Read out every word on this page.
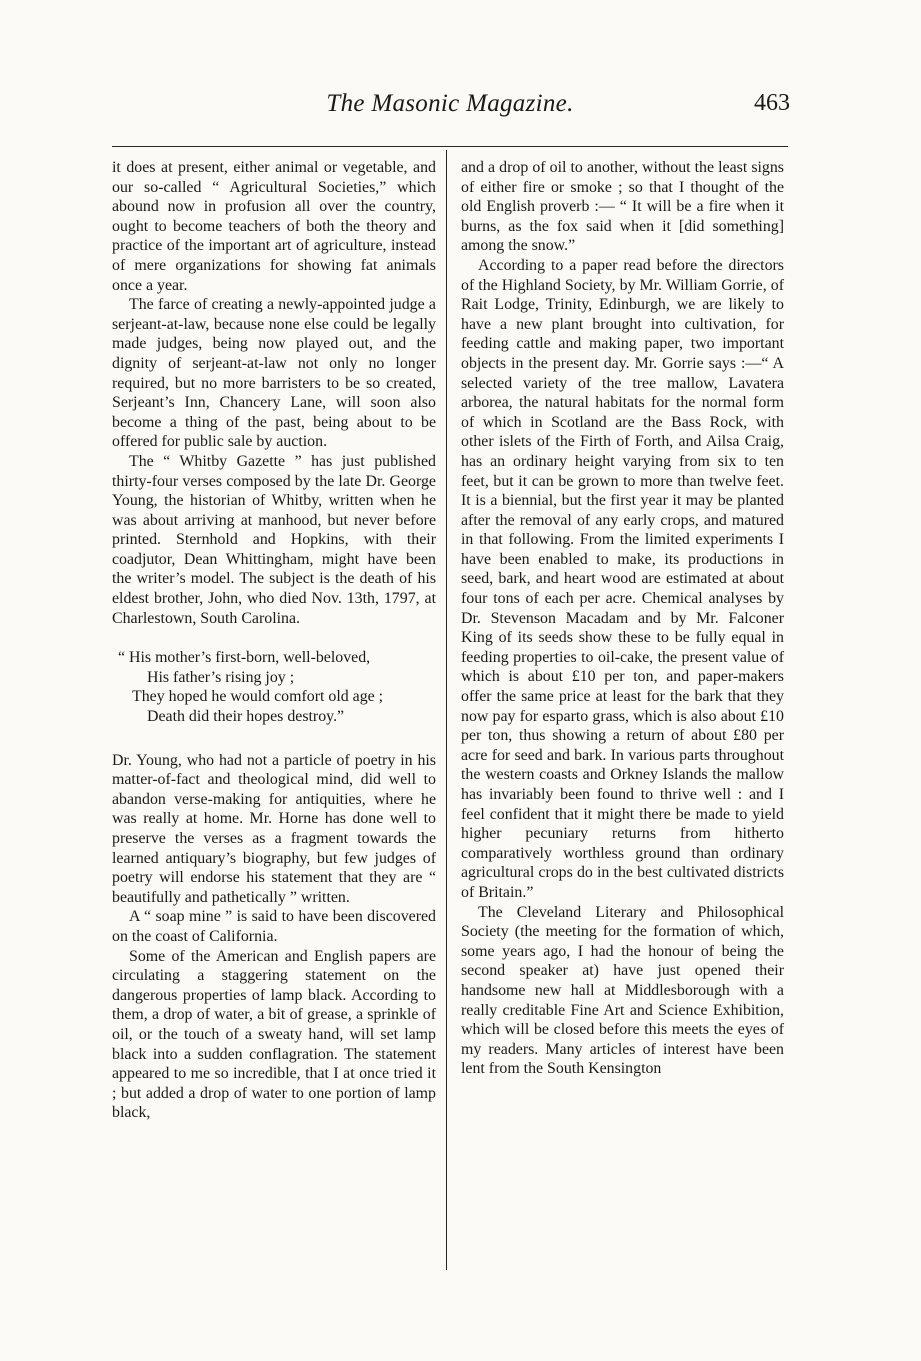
The Masonic Magazine.	463

it does at present, either animal or vegetable, and our so-called “ Agricultural Societies,” which abound now in profusion all over the country, ought to become teachers of both the theory and practice of the important art of agriculture, instead of mere organizations for showing fat animals once a year.

The farce of creating a newly-appointed judge a serjeant-at-law, because none else could be legally made judges, being now played out, and the dignity of serjeant-at-law not only no longer required, but no more barristers to be so created, Serjeant’s Inn, Chancery Lane, will soon also become a thing of the past, being about to be offered for public sale by auction.

The “ Whitby Gazette ” has just published thirty-four verses composed by the late Dr. George Young, the historian of Whitby, written when he was about arriving at manhood, but never before printed. Sternhold and Hopkins, with their coadjutor, Dean Whittingham, might have been the writer’s model. The subject is the death of his eldest brother, John, who died Nov. 13th, 1797, at Charlestown, South Carolina.

“ His mother’s first-born, well-beloved,
His father’s rising joy ;
They hoped he would comfort old age ;
Death did their hopes destroy.”

Dr. Young, who had not a particle of poetry in his matter-of-fact and theological mind, did well to abandon verse-making for antiquities, where he was really at home. Mr. Horne has done well to preserve the verses as a fragment towards the learned antiquary’s biography, but few judges of poetry will endorse his statement that they are “ beautifully and pathetically ” written.

A “ soap mine ” is said to have been discovered on the coast of California.

Some of the American and English papers are circulating a staggering statement on the dangerous properties of lamp black. According to them, a drop of water, a bit of grease, a sprinkle of oil, or the touch of a sweaty hand, will set lamp black into a sudden conflagration. The statement appeared to me so incredible, that I at once tried it ; but added a drop of water to one portion of lamp black,

and a drop of oil to another, without the least signs of either fire or smoke ; so that I thought of the old English proverb :— “ It will be a fire when it burns, as the fox said when it [did something] among the snow.”

According to a paper read before the directors of the Highland Society, by Mr. William Gorrie, of Rait Lodge, Trinity, Edinburgh, we are likely to have a new plant brought into cultivation, for feeding cattle and making paper, two important objects in the present day. Mr. Gorrie says :—“ A selected variety of the tree mallow, Lavatera arborea, the natural habitats for the normal form of which in Scotland are the Bass Rock, with other islets of the Firth of Forth, and Ailsa Craig, has an ordinary height varying from six to ten feet, but it can be grown to more than twelve feet. It is a biennial, but the first year it may be planted after the removal of any early crops, and matured in that following. From the limited experiments I have been enabled to make, its productions in seed, bark, and heart wood are estimated at about four tons of each per acre. Chemical analyses by Dr. Stevenson Macadam and by Mr. Falconer King of its seeds show these to be fully equal in feeding properties to oil-cake, the present value of which is about £10 per ton, and paper-makers offer the same price at least for the bark that they now pay for esparto grass, which is also about £10 per ton, thus showing a return of about £80 per acre for seed and bark. In various parts throughout the western coasts and Orkney Islands the mallow has invariably been found to thrive well : and I feel confident that it might there be made to yield higher pecuniary returns from hitherto comparatively worthless ground than ordinary agricultural crops do in the best cultivated districts of Britain.”

The Cleveland Literary and Philosophical Society (the meeting for the formation of which, some years ago, I had the honour of being the second speaker at) have just opened their handsome new hall at Middlesborough with a really creditable Fine Art and Science Exhibition, which will be closed before this meets the eyes of my readers. Many articles of interest have been lent from the South Kensington
